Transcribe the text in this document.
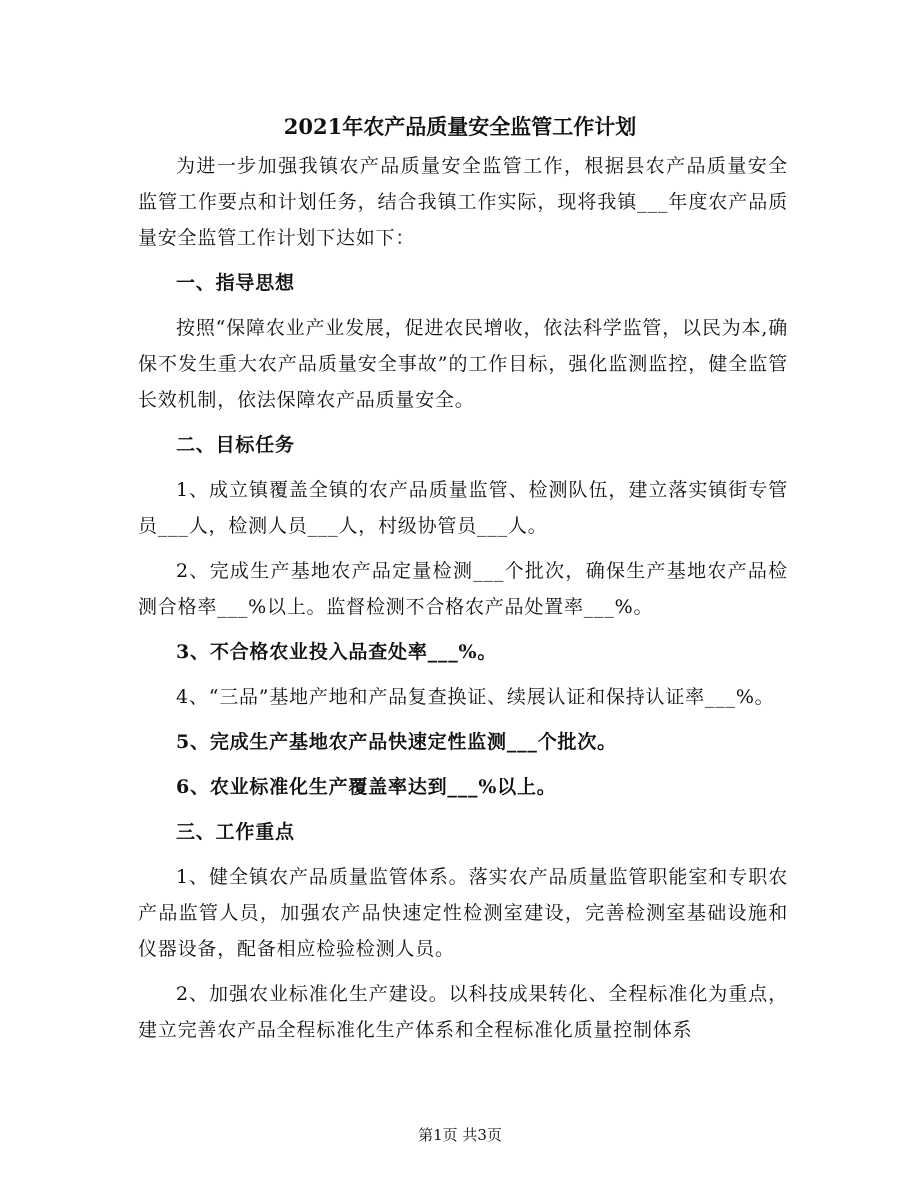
2021年农产品质量安全监管工作计划
为进一步加强我镇农产品质量安全监管工作，根据县农产品质量安全监管工作要点和计划任务，结合我镇工作实际，现将我镇___年度农产品质量安全监管工作计划下达如下：
一、指导思想
按照“保障农业产业发展，促进农民增收，依法科学监管，以民为本,确保不发生重大农产品质量安全事故”的工作目标，强化监测监控，健全监管长效机制，依法保障农产品质量安全。
二、目标任务
1、成立镇覆盖全镇的农产品质量监管、检测队伍，建立落实镇街专管员___人，检测人员___人，村级协管员___人。
2、完成生产基地农产品定量检测___个批次，确保生产基地农产品检测合格率___%以上。监督检测不合格农产品处置率___%。
3、不合格农业投入品查处率___%。
4、“三品”基地产地和产品复查换证、续展认证和保持认证率___%。
5、完成生产基地农产品快速定性监测___个批次。
6、农业标准化生产覆盖率达到___%以上。
三、工作重点
1、健全镇农产品质量监管体系。落实农产品质量监管职能室和专职农产品监管人员，加强农产品快速定性检测室建设，完善检测室基础设施和仪器设备，配备相应检验检测人员。
2、加强农业标准化生产建设。以科技成果转化、全程标准化为重点，建立完善农产品全程标准化生产体系和全程标准化质量控制体系
第1页 共3页
